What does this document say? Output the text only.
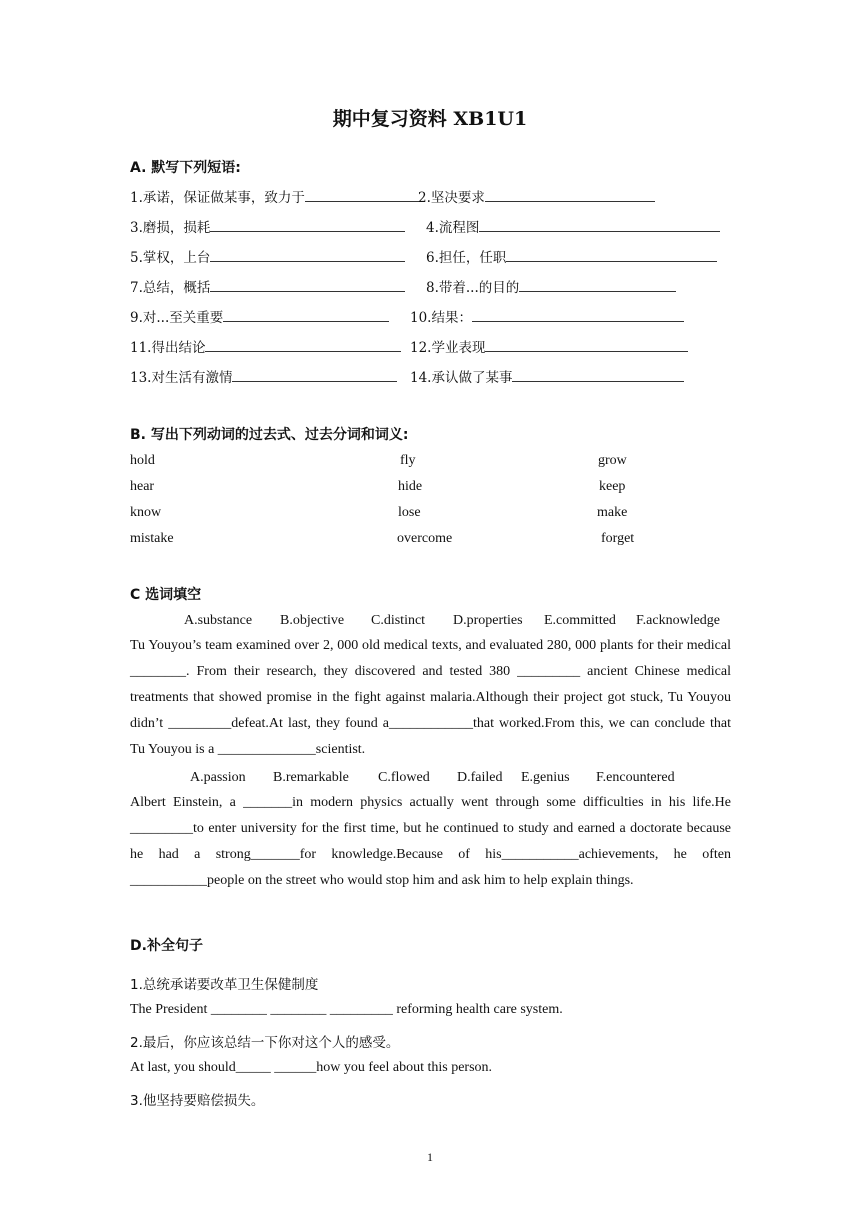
期中复习资料 XB1U1
A. 默写下列短语:
1.承诺，保证做某事，致力于	2.坚决要求
3.磨损，损耗	4.流程图
5.掌权，上台	6.担任，任职
7.总结，概括	8.带着...的目的
9.对...至关重要	10.结果：
11.得出结论	12.学业表现
13.对生活有激情	14.承认做了某事
B. 写出下列动词的过去式、过去分词和词义:
hold	fly	grow
hear	hide	keep
know	lose	make
mistake	overcome	forget
C 选词填空
A.substance B.objective C.distinct D.properties E.committed F.acknowledge
Tu Youyou’s team examined over 2, 000 old medical texts, and evaluated 280, 000 plants for their medical ________. From their research, they discovered and tested 380 _________ ancient Chinese medical treatments that showed promise in the fight against malaria.Although their project got stuck, Tu Youyou didn’t _________defeat.At last, they found a____________that worked.From this, we can conclude that Tu Youyou is a ______________scientist.
A.passion B.remarkable C.flowed D.failed E.genius F.encountered
Albert Einstein, a _______in modern physics actually went through some difficulties in his life.He _________to enter university for the first time, but he continued to study and earned a doctorate because he had a strong_______for knowledge.Because of his___________achievements, he often ___________people on the street who would stop him and ask him to help explain things.
D.补全句子
1.总统承诺要改革卫生保健制度
The President ________ ________ _________ reforming health care system.
2.最后，你应该总结一下你对这个人的感受。
At last, you should_____ ______how you feel about this person.
3.他坚持要赔偿损失。
1
